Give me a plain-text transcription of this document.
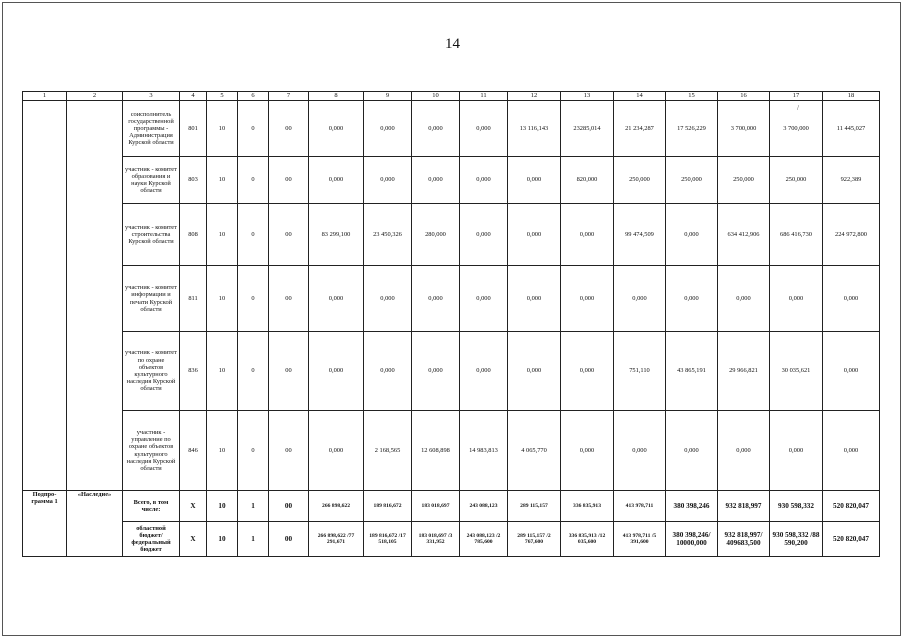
14
/
1	2	3	4	5	6	7	8	9	10	11	12	13	14	15	16	17	18
		соисполнитель государственной программы - Администрация Курской области	801	10	0	00	0,000	0,000	0,000	0,000	13 116,143	23285,014	21 234,287	17 526,229	3 700,000	3 700,000	11 445,027
		участник - комитет образования и науки Курской области	803	10	0	00	0,000	0,000	0,000	0,000	0,000	820,000	250,000	250,000	250,000	250,000	922,389
		участник - комитет строительства Курской области	808	10	0	00	83 299,100	23 450,326	280,000	0,000	0,000	0,000	99 474,509	0,000	634 412,906	686 416,730	224 972,800
		участник - комитет информации и печати Курской области	811	10	0	00	0,000	0,000	0,000	0,000	0,000	0,000	0,000	0,000	0,000	0,000	0,000
		участник - комитет по охране объектов культурного наследия Курской области	836	10	0	00	0,000	0,000	0,000	0,000	0,000	0,000	751,110	43 865,191	29 966,821	30 035,621	0,000
		участник - управление по охране объектов культурного наследия Курской области	846	10	0	00	0,000	2 168,565	12 608,898	14 983,813	4 065,770	0,000	0,000	0,000	0,000	0,000	0,000
Подпро-грамма 1	«Наследие»	Всего, в том числе:	X	10	1	00	266 898,622	189 816,672	183 018,697	243 088,123	289 115,157	336 835,913	413 978,711	380 398,246	932 818,997	930 598,332	520 820,047
		областной бюджет/ федеральный бюджет	X	10	1	00	266 898,622 /77 291,671	189 816,672 /17 518,105	183 018,697 /3 331,952	243 088,123 /2 785,600	289 115,157 /2 767,600	336 835,913 /12 035,600	413 978,711 /5 391,600	380 398,246/ 10000,000	932 818,997/ 409683,500	930 598,332 /88 590,200	520 820,047
